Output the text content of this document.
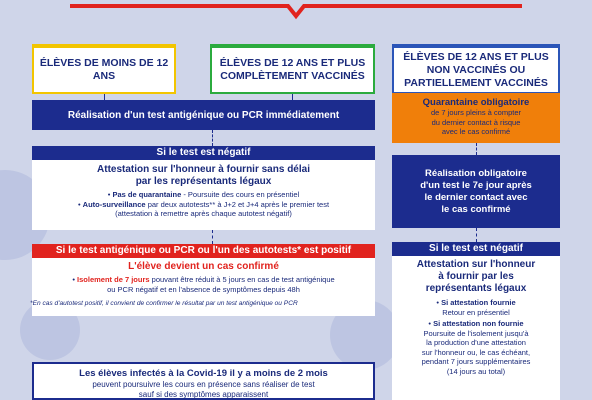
ÉLÈVES DE MOINS DE 12 ANS
ÉLÈVES DE 12 ANS ET PLUS COMPLÈTEMENT VACCINÉS
ÉLÈVES DE 12 ANS ET PLUS NON VACCINÉS OU PARTIELLEMENT VACCINÉS
Réalisation d'un test antigénique ou PCR immédiatement
Si le test est négatif
Attestation sur l'honneur à fournir sans délai
par les représentants légaux
• Pas de quarantaine - Poursuite des cours en présentiel
• Auto-surveillance par deux autotests** à J+2 et J+4 après le premier test
(attestation à remettre après chaque autotest négatif)
Si le test antigénique ou PCR ou l'un des autotests* est positif
L'élève devient un cas confirmé
• Isolement de 7 jours pouvant être réduit à 5 jours en cas de test antigénique
ou PCR négatif et en l'absence de symptômes depuis 48h
*En cas d'autotest positif, il convient de confirmer le résultat par un test antigénique ou PCR
Les élèves infectés à la Covid-19 il y a moins de 2 mois
peuvent poursuivre les cours en présence sans réaliser de test
sauf si des symptômes apparaissent
Quarantaine obligatoire
de 7 jours pleins à compter
du dernier contact à risque
avec le cas confirmé
Réalisation obligatoire
d'un test le 7e jour après
le dernier contact avec
le cas confirmé
Si le test est négatif
Attestation sur l'honneur
à fournir par les
représentants légaux
• Si attestation fournie
Retour en présentiel
• Si attestation non fournie
Poursuite de l'isolement jusqu'à
la production d'une attestation
sur l'honneur ou, le cas échéant,
pendant 7 jours supplémentaires
(14 jours au total)
